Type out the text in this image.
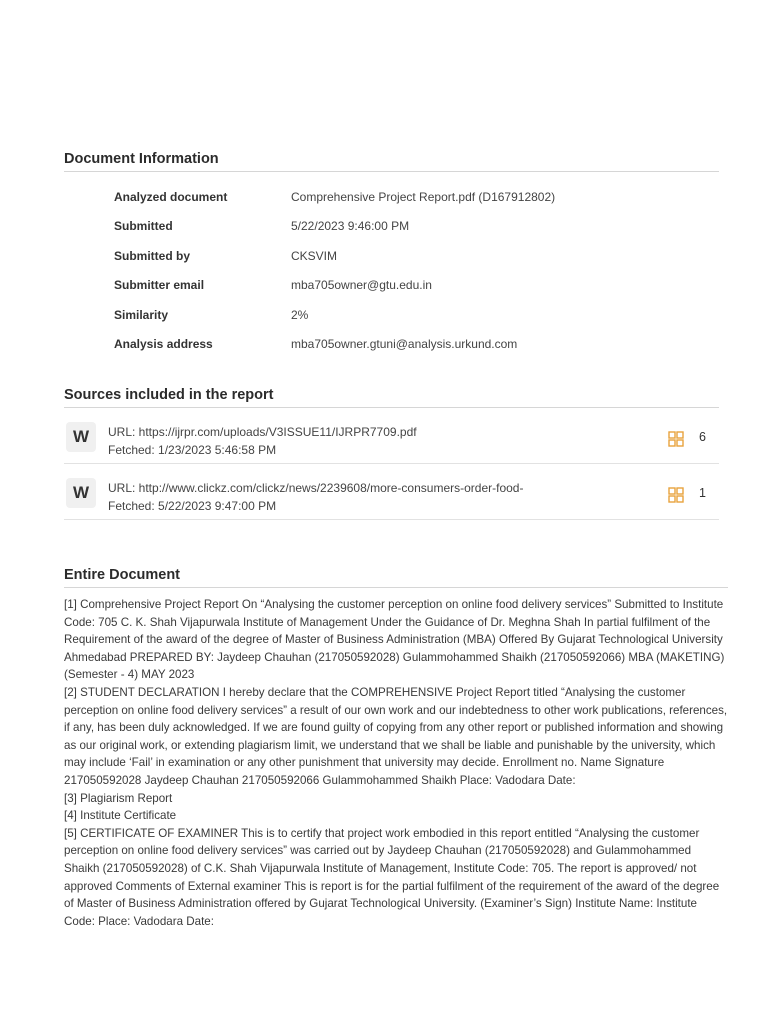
Document Information
Analyzed document	Comprehensive Project Report.pdf (D167912802)
Submitted	5/22/2023 9:46:00 PM
Submitted by	CKSVIM
Submitter email	mba705owner@gtu.edu.in
Similarity	2%
Analysis address	mba705owner.gtuni@analysis.urkund.com
Sources included in the report
W	URL: https://ijrpr.com/uploads/V3ISSUE11/IJRPR7709.pdf
Fetched: 1/23/2023 5:46:58 PM
6
W	URL: http://www.clickz.com/clickz/news/2239608/more-consumers-order-food-
Fetched: 5/22/2023 9:47:00 PM
1
Entire Document

[1] Comprehensive Project Report On “Analysing the customer perception on online food delivery services” Submitted to Institute Code: 705 C. K. Shah Vijapurwala Institute of Management Under the Guidance of Dr. Meghna Shah In partial fulfilment of the Requirement of the award of the degree of Master of Business Administration (MBA) Offered By Gujarat Technological University Ahmedabad PREPARED BY: Jaydeep Chauhan (217050592028) Gulammohammed Shaikh (217050592066) MBA (MAKETING) (Semester - 4) MAY 2023

[2] STUDENT DECLARATION I hereby declare that the COMPREHENSIVE Project Report titled “Analysing the customer perception on online food delivery services” a result of our own work and our indebtedness to other work publications, references, if any, has been duly acknowledged. If we are found guilty of copying from any other report or published information and showing as our original work, or extending plagiarism limit, we understand that we shall be liable and punishable by the university, which may include ‘Fail’ in examination or any other punishment that university may decide. Enrollment no. Name Signature 217050592028 Jaydeep Chauhan 217050592066 Gulammohammed Shaikh Place: Vadodara Date:

[3] Plagiarism Report

[4] Institute Certificate

[5] CERTIFICATE OF EXAMINER This is to certify that project work embodied in this report entitled “Analysing the customer perception on online food delivery services” was carried out by Jaydeep Chauhan (217050592028) and Gulammohammed Shaikh (217050592028) of C.K. Shah Vijapurwala Institute of Management, Institute Code: 705. The report is approved/ not approved Comments of External examiner This is report is for the partial fulfilment of the requirement of the award of the degree of Master of Business Administration offered by Gujarat Technological University. (Examiner’s Sign) Institute Name: Institute Code: Place: Vadodara Date:
